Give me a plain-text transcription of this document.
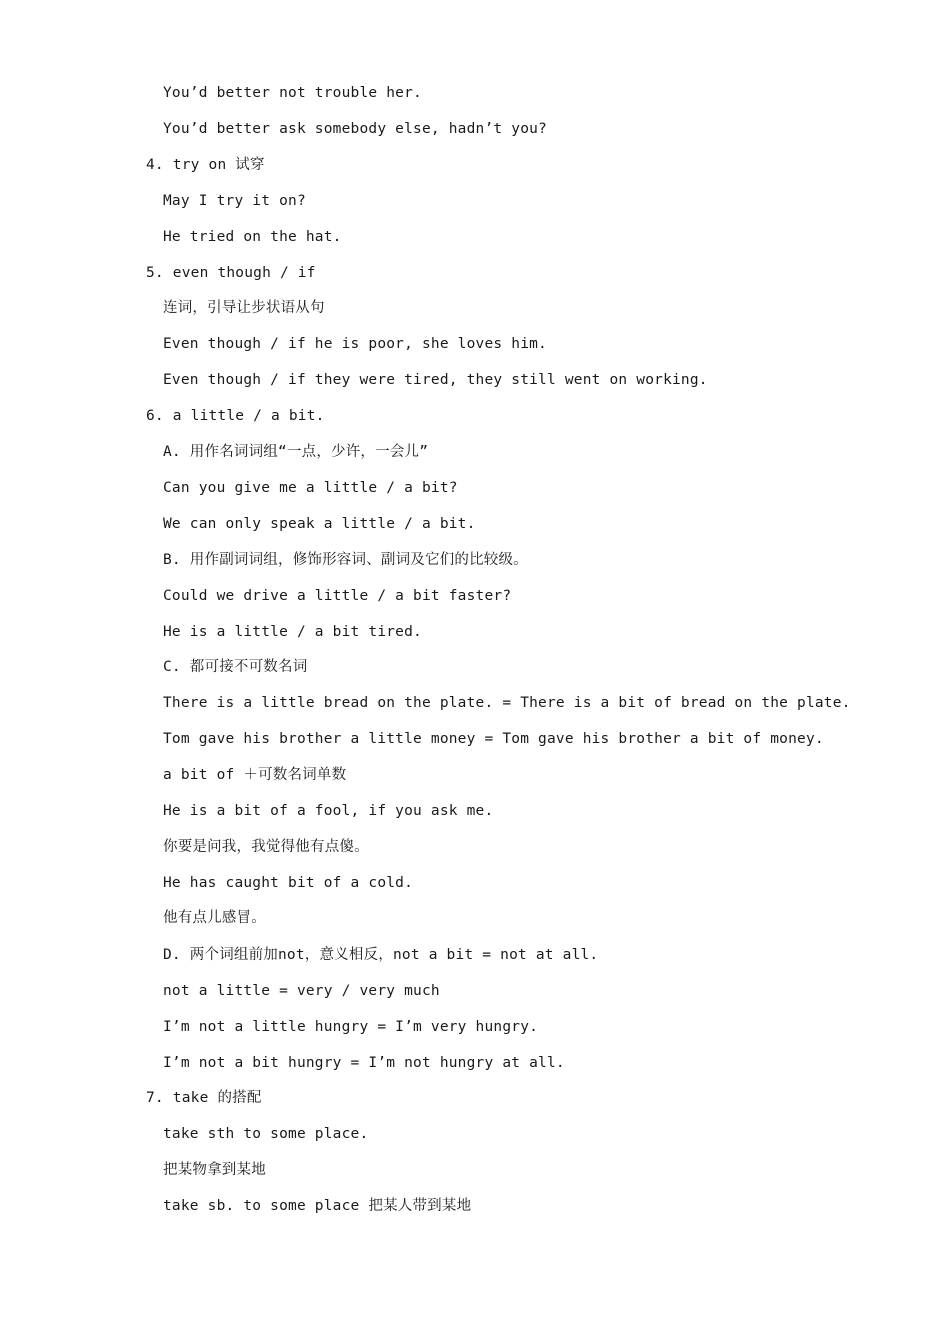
You’d better not trouble her.
You’d better ask somebody else, hadn’t you?
4. try on 试穿
May I try it on?
He tried on the hat.
5. even though / if
连词，引导让步状语从句
Even though / if he is poor, she loves him.
Even though / if they were tired, they still went on working.
6. a little / a bit.
A. 用作名词词组“一点，少许，一会儿”
Can you give me a little / a bit?
We can only speak a little / a bit.
B. 用作副词词组，修饰形容词、副词及它们的比较级。
Could we drive a little / a bit faster?
He is a little / a bit tired.
C. 都可接不可数名词
There is a little bread on the plate. = There is a bit of bread on the plate.
Tom gave his brother a little money = Tom gave his brother a bit of money.
a bit of ＋可数名词单数
He is a bit of a fool, if you ask me.
你要是问我，我觉得他有点傻。
He has caught bit of a cold.
他有点儿感冒。
D. 两个词组前加not，意义相反，not a bit = not at all.
not a little = very / very much
I’m not a little hungry = I’m very hungry.
I’m not a bit hungry = I’m not hungry at all.
7. take 的搭配
take sth to some place.
把某物拿到某地
take sb. to some place 把某人带到某地
